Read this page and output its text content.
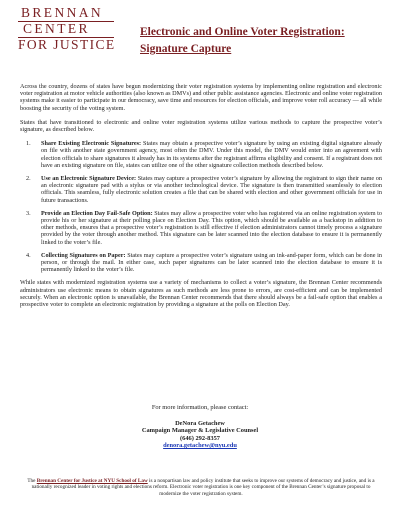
BRENNAN
CENTER
FOR JUSTICE
Electronic and Online Voter Registration:
Signature Capture

Across the country, dozens of states have begun modernizing their voter registration systems by implementing online registration and electronic voter registration at motor vehicle authorities (also known as DMVs) and other public assistance agencies. Electronic and online voter registration systems make it easier to participate in our democracy, save time and resources for election officials, and improve voter roll accuracy — all while boosting the security of the voting system.

States that have transitioned to electronic and online voter registration systems utilize various methods to capture the prospective voter’s signature, as described below.

1.	Share Existing Electronic Signatures: States may obtain a prospective voter’s signature by using an existing digital signature already on file with another state government agency, most often the DMV. Under this model, the DMV would enter into an agreement with election officials to share signatures it already has in its systems after the registrant affirms eligibility and consent. If a registrant does not have an existing signature on file, states can utilize one of the other signature collection methods described below.
2.	Use an Electronic Signature Device: States may capture a prospective voter’s signature by allowing the registrant to sign their name on an electronic signature pad with a stylus or via another technological device. The signature is then transmitted seamlessly to election officials. This seamless, fully electronic solution creates a file that can be shared with election and other government officials for use in future transactions.
3.	Provide an Election Day Fail-Safe Option: States may allow a prospective voter who has registered via an online registration system to provide his or her signature at their polling place on Election Day. This option, which should be available as a backstop in addition to other methods, ensures that a prospective voter’s registration is still effective if election administrators cannot timely process a signature provided by the voter through another method. This signature can be later scanned into the election database to ensure it is permanently linked to the voter’s file.
4.	Collecting Signatures on Paper: States may capture a prospective voter’s signature using an ink-and-paper form, which can be done in person, or through the mail. In either case, such paper signatures can be later scanned into the election database to ensure it is permanently linked to the voter’s file.

While states with modernized registration systems use a variety of mechanisms to collect a voter’s signature, the Brennan Center recommends administrators use electronic means to obtain signatures as such methods are less prone to errors, are cost-efficient and can be implemented securely. When an electronic option is unavailable, the Brennan Center recommends that there should always be a fail-safe option that enables a prospective voter to complete an electronic registration by providing a signature at the polls on Election Day.

For more information, please contact:
DeNora Getachew
Campaign Manager & Legislative Counsel
(646) 292-8357
denora.getachew@nyu.edu
The Brennan Center for Justice at NYU School of Law is a nonpartisan law and policy institute that seeks to improve our systems of democracy and justice, and is a nationally recognized leader in voting rights and elections reform. Electronic voter registration is one key component of the Brennan Center’s signature proposal to modernize the voter registration system.
